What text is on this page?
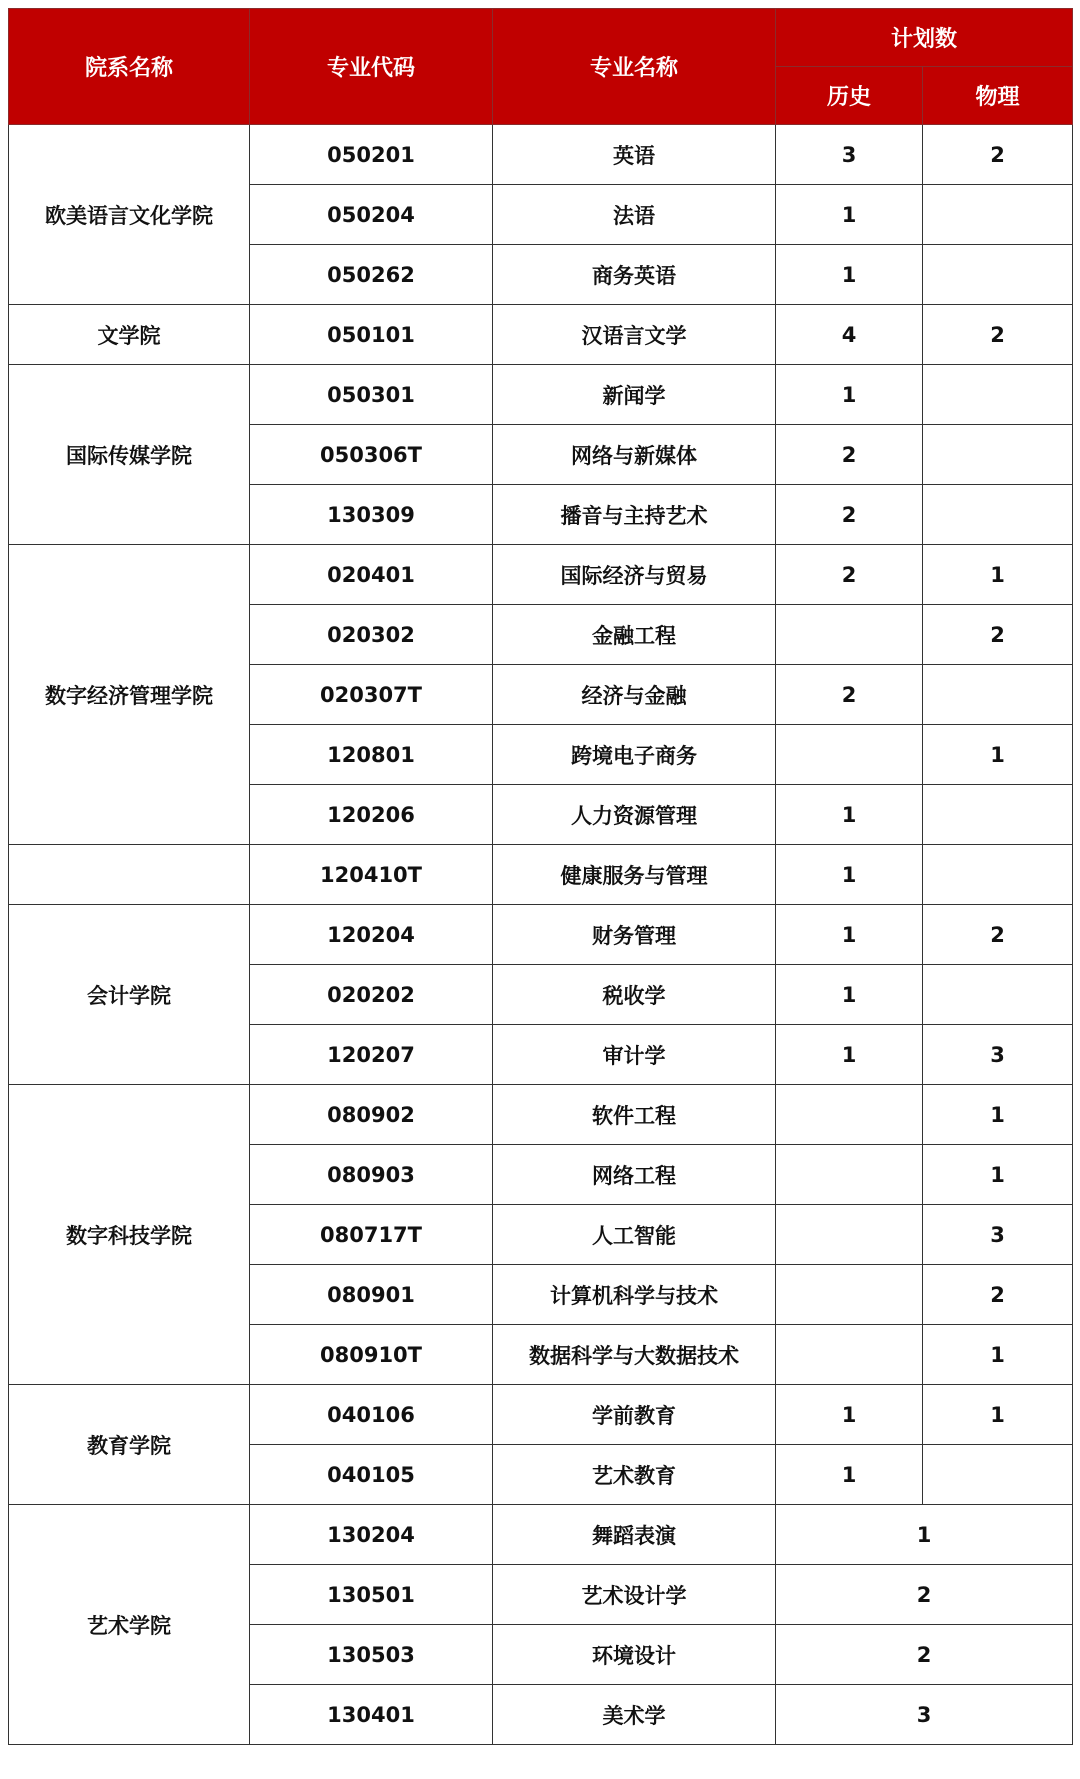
院系名称	专业代码	专业名称	计划数	
			历史	物理
欧美语言文化学院	050201	英语	3	2
	050204	法语	1	
	050262	商务英语	1	
文学院	050101	汉语言文学	4	2
国际传媒学院	050301	新闻学	1	
	050306T	网络与新媒体	2	
	130309	播音与主持艺术	2	
数字经济管理学院	020401	国际经济与贸易	2	1
	020302	金融工程		2
	020307T	经济与金融	2	
	120801	跨境电子商务		1
	120206	人力资源管理	1	
	120410T	健康服务与管理	1	
会计学院	120204	财务管理	1	2
	020202	税收学	1	
	120207	审计学	1	3
数字科技学院	080902	软件工程		1
	080903	网络工程		1
	080717T	人工智能		3
	080901	计算机科学与技术		2
	080910T	数据科学与大数据技术		1
教育学院	040106	学前教育	1	1
	040105	艺术教育	1	
艺术学院	130204	舞蹈表演	1	
	130501	艺术设计学	2	
	130503	环境设计	2	
	130401	美术学	3	
